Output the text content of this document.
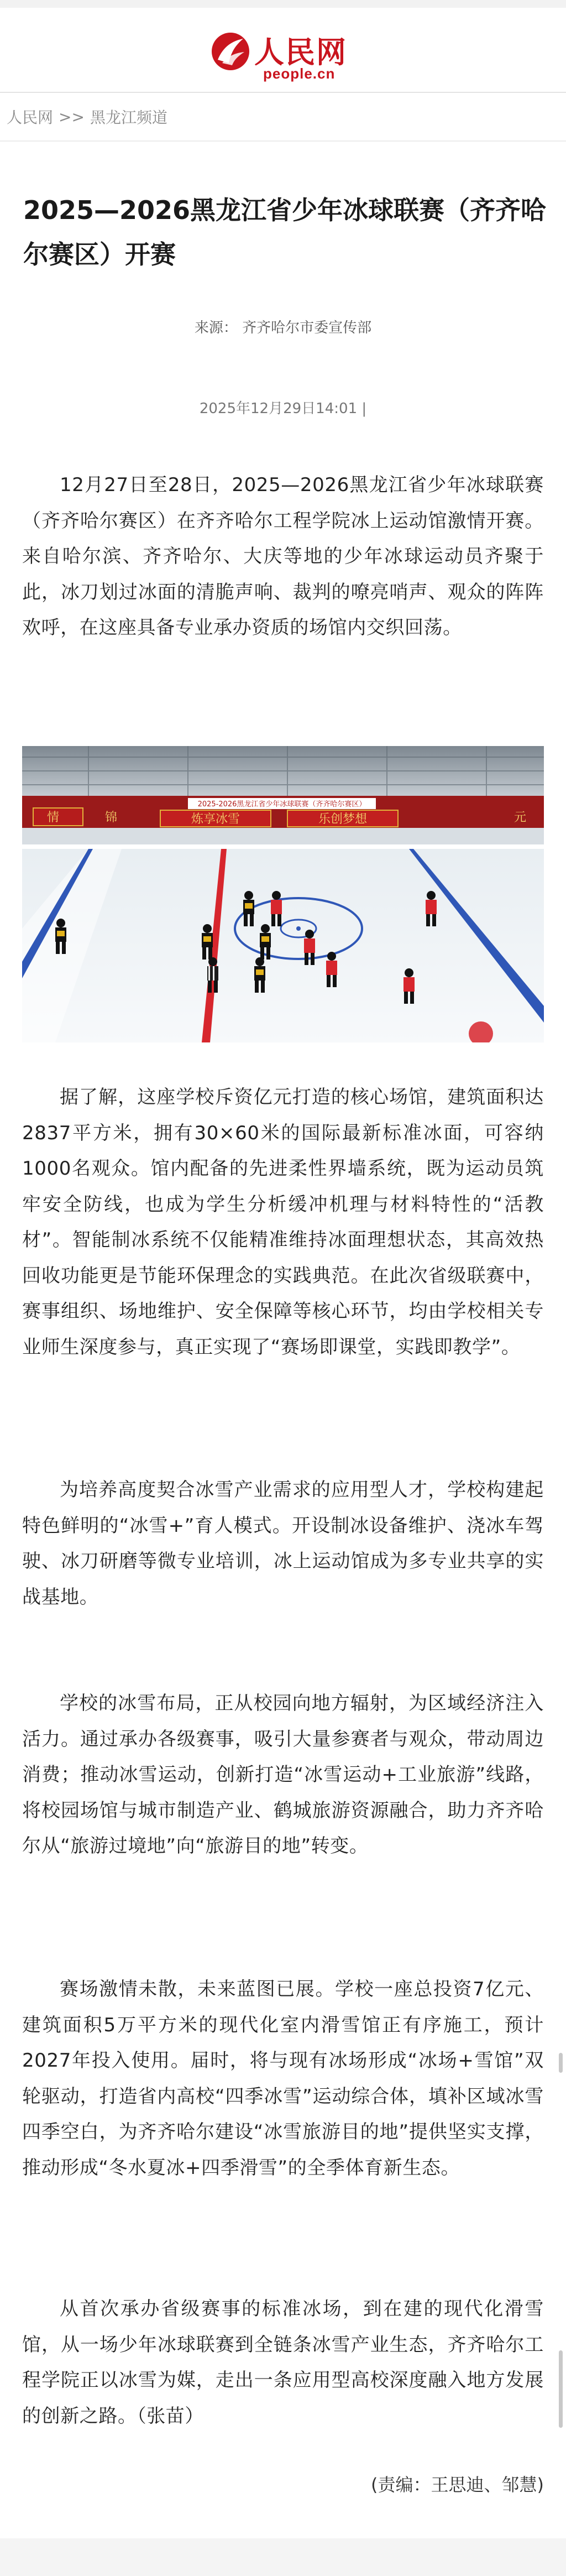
人民网
people.cn
人民网 >> 黑龙江频道
2025—2026黑龙江省少年冰球联赛（齐齐哈尔赛区）开赛
来源： 齐齐哈尔市委宣传部
2025年12月29日14:01 |

12月27日至28日，2025—2026黑龙江省少年冰球联赛（齐齐哈尔赛区）在齐齐哈尔工程学院冰上运动馆激情开赛。来自哈尔滨、齐齐哈尔、大庆等地的少年冰球运动员齐聚于此，冰刀划过冰面的清脆声响、裁判的嘹亮哨声、观众的阵阵欢呼，在这座具备专业承办资质的场馆内交织回荡。

2025-2026黑龙江省少年冰球联赛（齐齐哈尔赛区）
情	锦	炼享冰雪	乐创梦想	元

据了解，这座学校斥资亿元打造的核心场馆，建筑面积达2837平方米，拥有30×60米的国际最新标准冰面，可容纳1000名观众。馆内配备的先进柔性界墙系统，既为运动员筑牢安全防线，也成为学生分析缓冲机理与材料特性的“活教材”。智能制冰系统不仅能精准维持冰面理想状态，其高效热回收功能更是节能环保理念的实践典范。在此次省级联赛中，赛事组织、场地维护、安全保障等核心环节，均由学校相关专业师生深度参与，真正实现了“赛场即课堂，实践即教学”。

为培养高度契合冰雪产业需求的应用型人才，学校构建起特色鲜明的“冰雪+”育人模式。开设制冰设备维护、浇冰车驾驶、冰刀研磨等微专业培训，冰上运动馆成为多专业共享的实战基地。

学校的冰雪布局，正从校园向地方辐射，为区域经济注入活力。通过承办各级赛事，吸引大量参赛者与观众，带动周边消费；推动冰雪运动，创新打造“冰雪运动+工业旅游”线路，将校园场馆与城市制造产业、鹤城旅游资源融合，助力齐齐哈尔从“旅游过境地”向“旅游目的地”转变。

赛场激情未散，未来蓝图已展。学校一座总投资7亿元、建筑面积5万平方米的现代化室内滑雪馆正有序施工，预计2027年投入使用。届时，将与现有冰场形成“冰场+雪馆”双轮驱动，打造省内高校“四季冰雪”运动综合体，填补区域冰雪四季空白，为齐齐哈尔建设“冰雪旅游目的地”提供坚实支撑，推动形成“冬水夏冰+四季滑雪”的全季体育新生态。

从首次承办省级赛事的标准冰场，到在建的现代化滑雪馆，从一场少年冰球联赛到全链条冰雪产业生态，齐齐哈尔工程学院正以冰雪为媒，走出一条应用型高校深度融入地方发展的创新之路。（张苗）

(责编：王思迪、邹慧)
